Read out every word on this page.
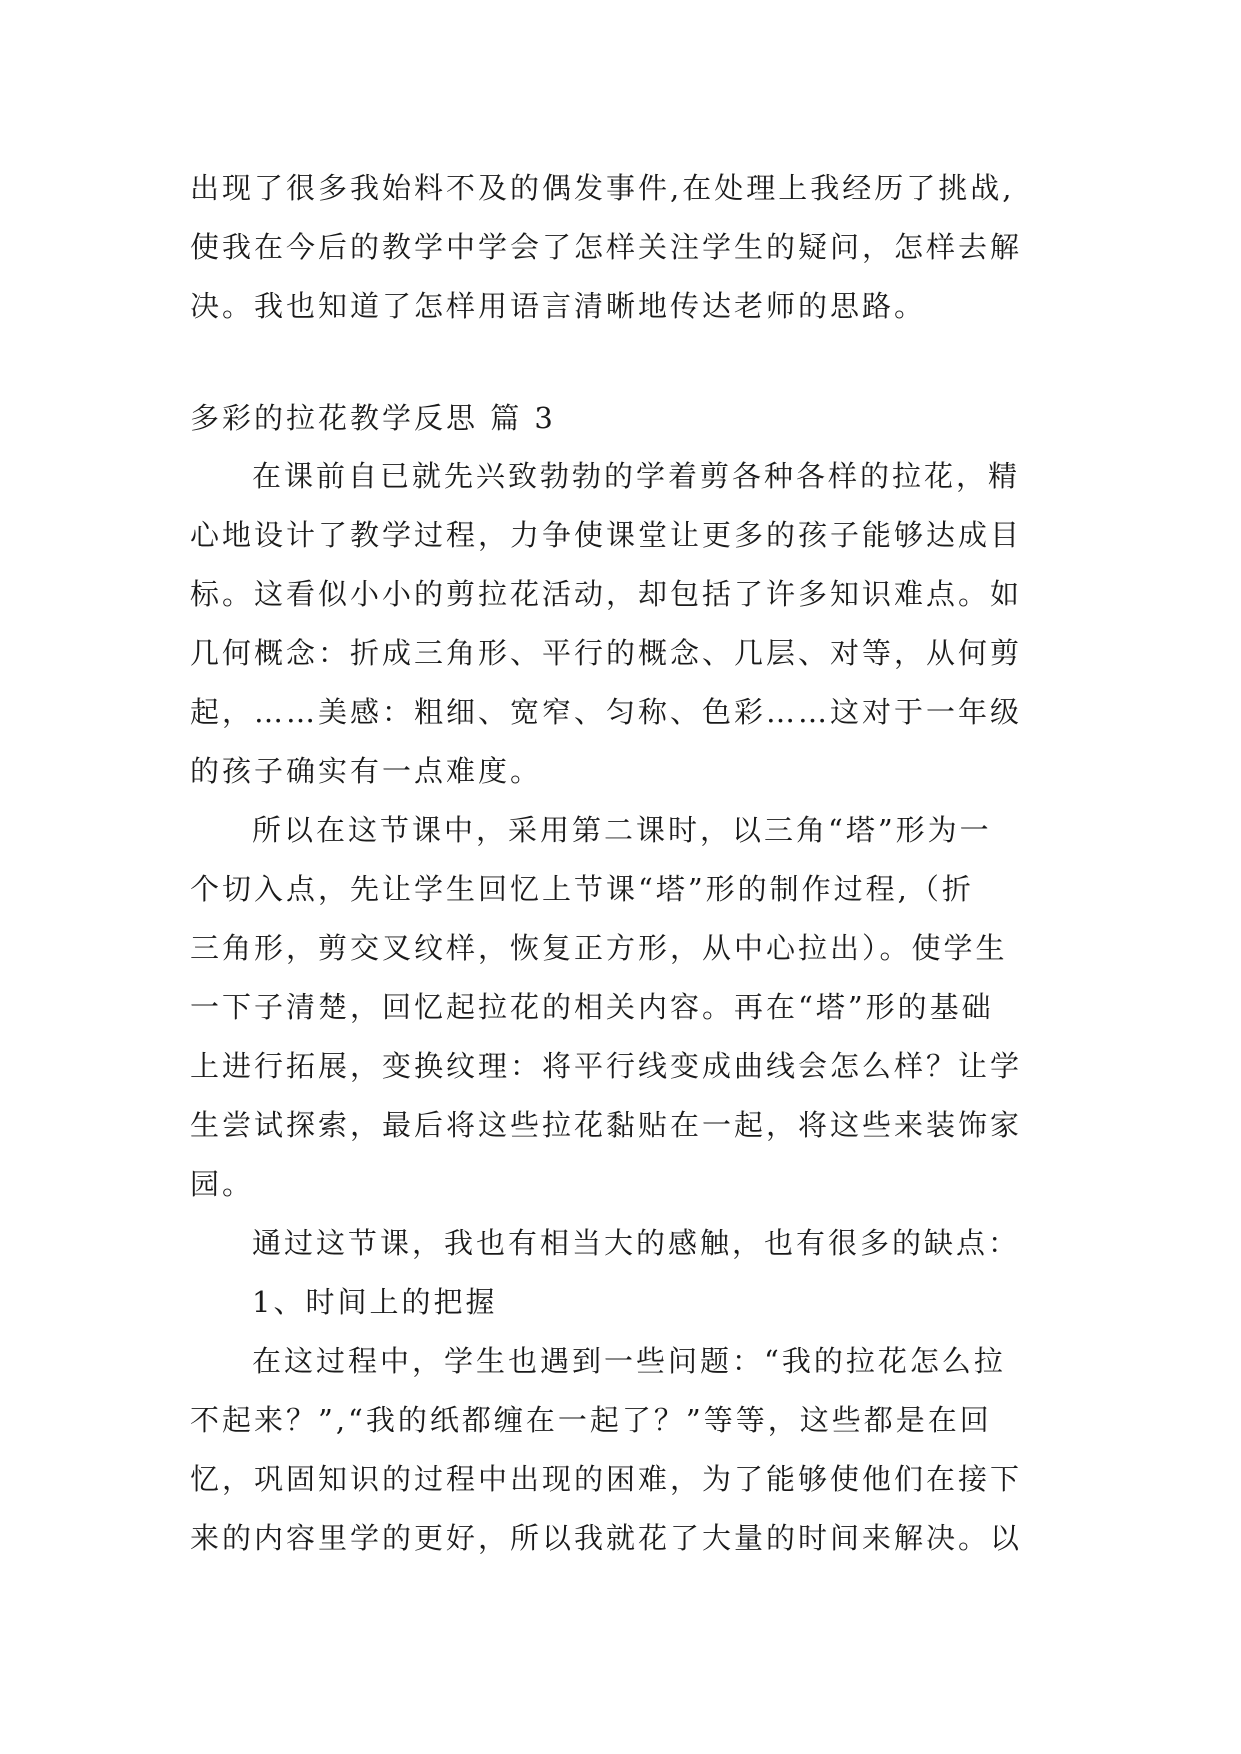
出现了很多我始料不及的偶发事件,在处理上我经历了挑战,
使我在今后的教学中学会了怎样关注学生的疑问，怎样去解
决。我也知道了怎样用语言清晰地传达老师的思路。
多彩的拉花教学反思 篇 3
在课前自已就先兴致勃勃的学着剪各种各样的拉花，精
心地设计了教学过程，力争使课堂让更多的孩子能够达成目
标。这看似小小的剪拉花活动，却包括了许多知识难点。如
几何概念：折成三角形、平行的概念、几层、对等，从何剪
起，……美感：粗细、宽窄、匀称、色彩……这对于一年级
的孩子确实有一点难度。
所以在这节课中，采用第二课时，以三角“塔”形为一
个切入点，先让学生回忆上节课“塔”形的制作过程,（折
三角形，剪交叉纹样，恢复正方形，从中心拉出）。使学生
一下子清楚，回忆起拉花的相关内容。再在“塔”形的基础
上进行拓展，变换纹理：将平行线变成曲线会怎么样？让学
生尝试探索，最后将这些拉花黏贴在一起，将这些来装饰家
园。
通过这节课，我也有相当大的感触，也有很多的缺点：
1、时间上的把握
在这过程中，学生也遇到一些问题：“我的拉花怎么拉
不起来？”,“我的纸都缠在一起了？”等等，这些都是在回
忆，巩固知识的过程中出现的困难，为了能够使他们在接下
来的内容里学的更好，所以我就花了大量的时间来解决。以
